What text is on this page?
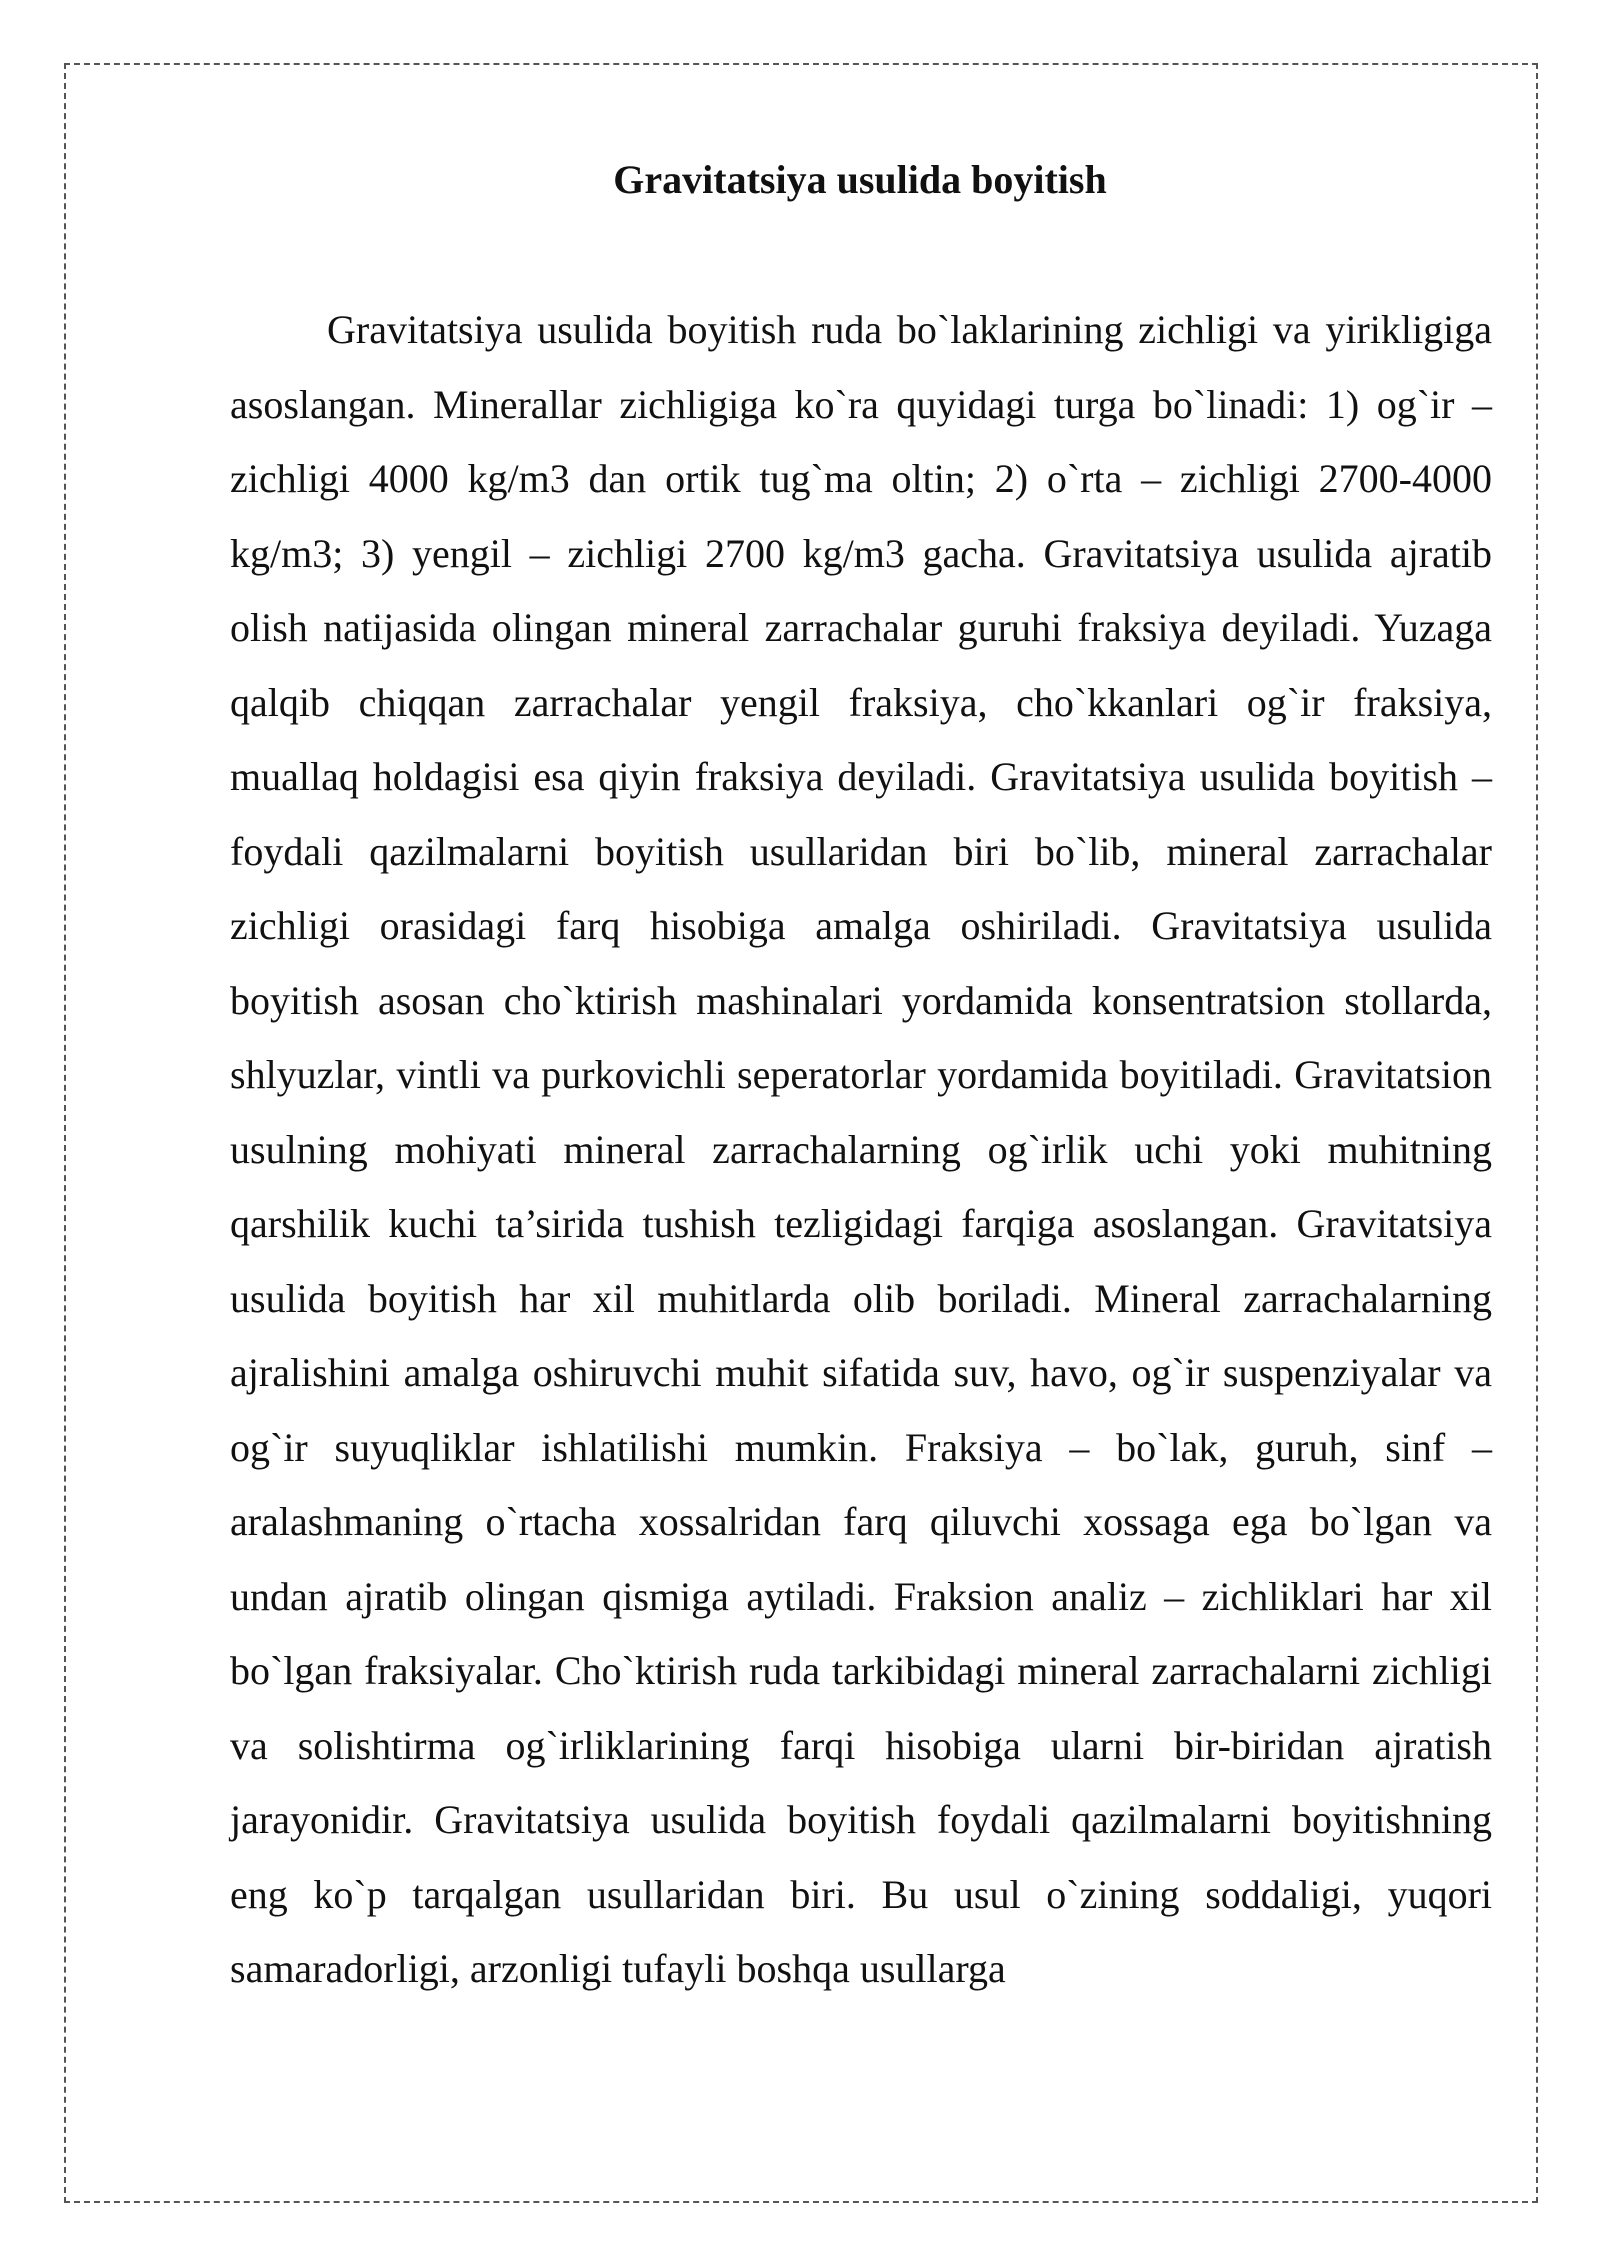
Gravitatsiya usulida boyitish

Gravitatsiya usulida boyitish ruda bo`laklarining zichligi va yirikligiga asoslangan. Minerallar zichligiga ko`ra quyidagi turga bo`linadi: 1) og`ir – zichligi 4000 kg/m3 dan ortik tug`ma oltin; 2) o`rta – zichligi 2700-4000 kg/m3; 3) yengil – zichligi 2700 kg/m3 gacha. Gravitatsiya usulida ajratib olish natijasida olingan mineral zarrachalar guruhi fraksiya deyiladi. Yuzaga qalqib chiqqan zarrachalar yengil fraksiya, cho`kkanlari og`ir fraksiya, muallaq holdagisi esa qiyin fraksiya deyiladi. Gravitatsiya usulida boyitish – foydali qazilmalarni boyitish usullaridan biri bo`lib, mineral zarrachalar zichligi orasidagi farq hisobiga amalga oshiriladi. Gravitatsiya usulida boyitish asosan cho`ktirish mashinalari yordamida konsentratsion stollarda, shlyuzlar, vintli va purkovichli seperatorlar yordamida boyitiladi. Gravitatsion usulning mohiyati mineral zarrachalarning og`irlik uchi yoki muhitning qarshilik kuchi ta’sirida tushish tezligidagi farqiga asoslangan. Gravitatsiya usulida boyitish har xil muhitlarda olib boriladi. Mineral zarrachalarning ajralishini amalga oshiruvchi muhit sifatida suv, havo, og`ir suspenziyalar va og`ir suyuqliklar ishlatilishi mumkin. Fraksiya – bo`lak, guruh, sinf – aralashmaning o`rtacha xossalridan farq qiluvchi xossaga ega bo`lgan va undan ajratib olingan qismiga aytiladi. Fraksion analiz – zichliklari har xil bo`lgan fraksiyalar. Cho`ktirish ruda tarkibidagi mineral zarrachalarni zichligi va solishtirma og`irliklarining farqi hisobiga ularni bir-biridan ajratish jarayonidir. Gravitatsiya usulida boyitish foydali qazilmalarni boyitishning eng ko`p tarqalgan usullaridan biri. Bu usul o`zining soddaligi, yuqori samaradorligi, arzonligi tufayli boshqa usullarga
